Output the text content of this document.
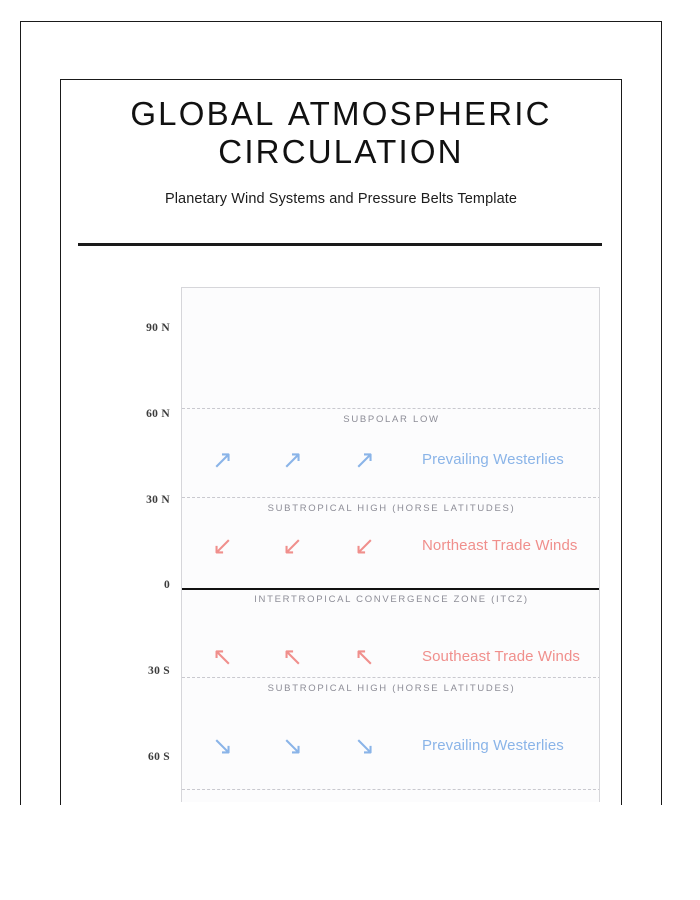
GLOBAL ATMOSPHERIC CIRCULATION
Planetary Wind Systems and Pressure Belts Template
90 N
60 N
30 N
0
30 S
60 S
SUBPOLAR LOW
SUBTROPICAL HIGH (HORSE LATITUDES)
INTERTROPICAL CONVERGENCE ZONE (ITCZ)
SUBTROPICAL HIGH (HORSE LATITUDES)
↗ ↗ ↗	Prevailing Westerlies
↙ ↙ ↙	Northeast Trade Winds
↖ ↖ ↖	Southeast Trade Winds
↘ ↘ ↘	Prevailing Westerlies
